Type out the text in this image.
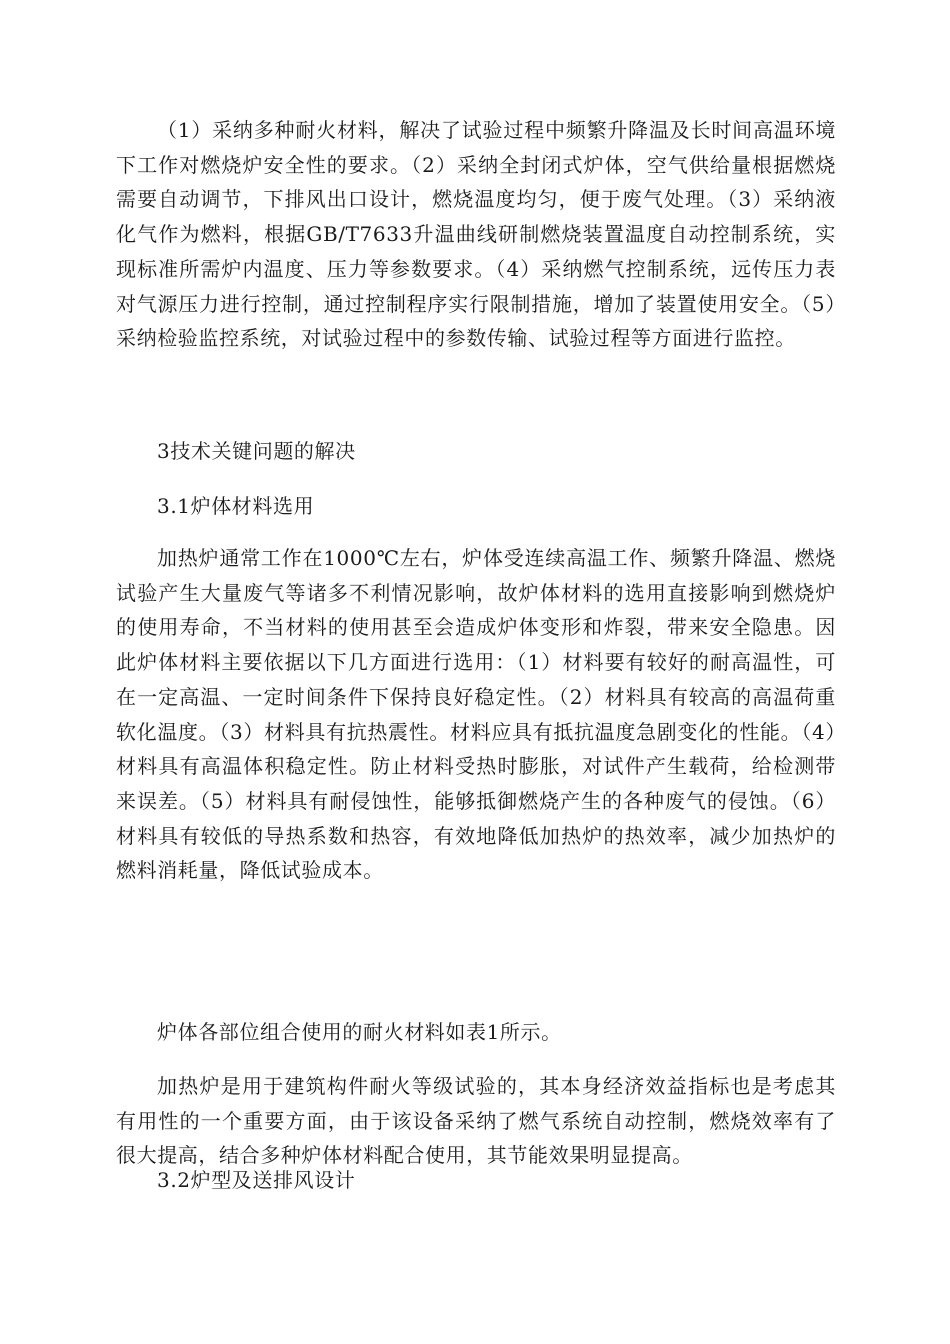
（1）采纳多种耐火材料，解决了试验过程中频繁升降温及长时间高温环境下工作对燃烧炉安全性的要求。（2）采纳全封闭式炉体，空气供给量根据燃烧需要自动调节，下排风出口设计，燃烧温度均匀，便于废气处理。（3）采纳液化气作为燃料，根据GB/T7633升温曲线研制燃烧装置温度自动控制系统，实现标准所需炉内温度、压力等参数要求。（4）采纳燃气控制系统，远传压力表对气源压力进行控制，通过控制程序实行限制措施，增加了装置使用安全。（5）采纳检验监控系统，对试验过程中的参数传输、试验过程等方面进行监控。

3技术关键问题的解决

3.1炉体材料选用

加热炉通常工作在1000℃左右，炉体受连续高温工作、频繁升降温、燃烧试验产生大量废气等诸多不利情况影响，故炉体材料的选用直接影响到燃烧炉的使用寿命，不当材料的使用甚至会造成炉体变形和炸裂，带来安全隐患。因此炉体材料主要依据以下几方面进行选用：（1）材料要有较好的耐高温性，可在一定高温、一定时间条件下保持良好稳定性。（2）材料具有较高的高温荷重软化温度。（3）材料具有抗热震性。材料应具有抵抗温度急剧变化的性能。（4）材料具有高温体积稳定性。防止材料受热时膨胀，对试件产生载荷，给检测带来误差。（5）材料具有耐侵蚀性，能够抵御燃烧产生的各种废气的侵蚀。（6）材料具有较低的导热系数和热容，有效地降低加热炉的热效率，减少加热炉的燃料消耗量，降低试验成本。

炉体各部位组合使用的耐火材料如表1所示。

加热炉是用于建筑构件耐火等级试验的，其本身经济效益指标也是考虑其有用性的一个重要方面，由于该设备采纳了燃气系统自动控制，燃烧效率有了很大提高，结合多种炉体材料配合使用，其节能效果明显提高。

3.2炉型及送排风设计
